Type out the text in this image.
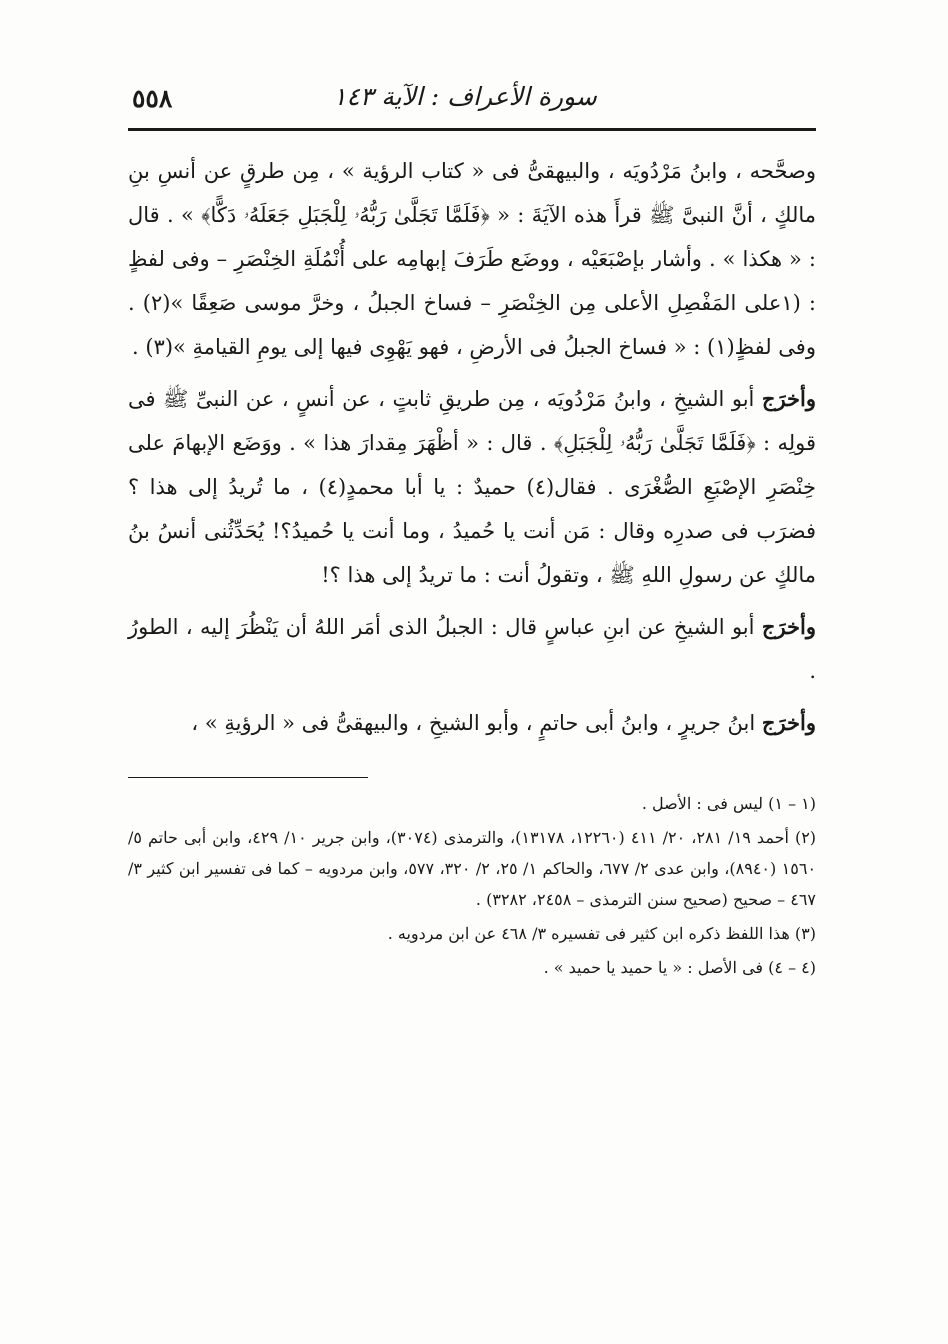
سورة الأعراف : الآية ١٤٣
٥٥٨

وصحَّحه ، وابنُ مَرْدُويَه ، والبيهقىُّ فى « كتاب الرؤية » ، مِن طرقٍ عن أنسِ بنِ مالكٍ ، أنَّ النبىَّ ﷺ قرأَ هذه الآيَةَ : « ﴿فَلَمَّا تَجَلَّىٰ رَبُّهُۥ لِلْجَبَلِ جَعَلَهُۥ دَكًّا﴾ » . قال : « هكذا » . وأشار بإصْبَعَيْه ، ووضَع طَرَفَ إبهامِه على أُنْمُلَةِ الخِنْصَرِ – وفى لفظٍ : (١على المَفْصِلِ الأعلى مِن الخِنْصَرِ – فساخ الجبلُ ، وخرَّ موسى صَعِقًا »(٢) . وفى لفظٍ(١) : « فساخ الجبلُ فى الأرضِ ، فهو يَهْوِى فيها إلى يومِ القيامةِ »(٣) .

وأخرَج أبو الشيخِ ، وابنُ مَرْدُويَه ، مِن طريقِ ثابتٍ ، عن أنسٍ ، عن النبىِّ ﷺ فى قولِه : ﴿فَلَمَّا تَجَلَّىٰ رَبُّهُۥ لِلْجَبَلِ﴾ . قال : « أظْهَرَ مِقدارَ هذا » . ووَضَع الإبهامَ على خِنْصَرِ الإصْبَعِ الصُّغْرَى . فقال(٤) حميدٌ : يا أبا محمدٍ(٤) ، ما تُريدُ إلى هذا ؟ فضرَب فى صدرِه وقال : مَن أنت يا حُميدُ ، وما أنت يا حُميدُ؟! يُحَدِّثُنى أنسُ بنُ مالكٍ عن رسولِ اللهِ ﷺ ، وتقولُ أنت : ما تريدُ إلى هذا ؟!

وأخرَج أبو الشيخِ عن ابنِ عباسٍ قال : الجبلُ الذى أمَر اللهُ أن يَنْظُرَ إليه ، الطورُ .

وأخرَج ابنُ جريرٍ ، وابنُ أبى حاتمٍ ، وأبو الشيخِ ، والبيهقىُّ فى « الرؤيةِ » ،

(١ – ١) ليس فى : الأصل .

(٢) أحمد ١٩/ ٢٨١، ٢٠/ ٤١١ (١٢٢٦٠، ١٣١٧٨)، والترمذى (٣٠٧٤)، وابن جرير ١٠/ ٤٢٩، وابن أبى حاتم ٥/ ١٥٦٠ (٨٩٤٠)، وابن عدى ٢/ ٦٧٧، والحاكم ١/ ٢٥، ٢/ ٣٢٠، ٥٧٧، وابن مردويه – كما فى تفسير ابن كثير ٣/ ٤٦٧ – صحيح (صحيح سنن الترمذى – ٢٤٥٨، ٣٢٨٢) .

(٣) هذا اللفظ ذكره ابن كثير فى تفسيره ٣/ ٤٦٨ عن ابن مردويه .

(٤ – ٤) فى الأصل : « يا حميد يا حميد » .
